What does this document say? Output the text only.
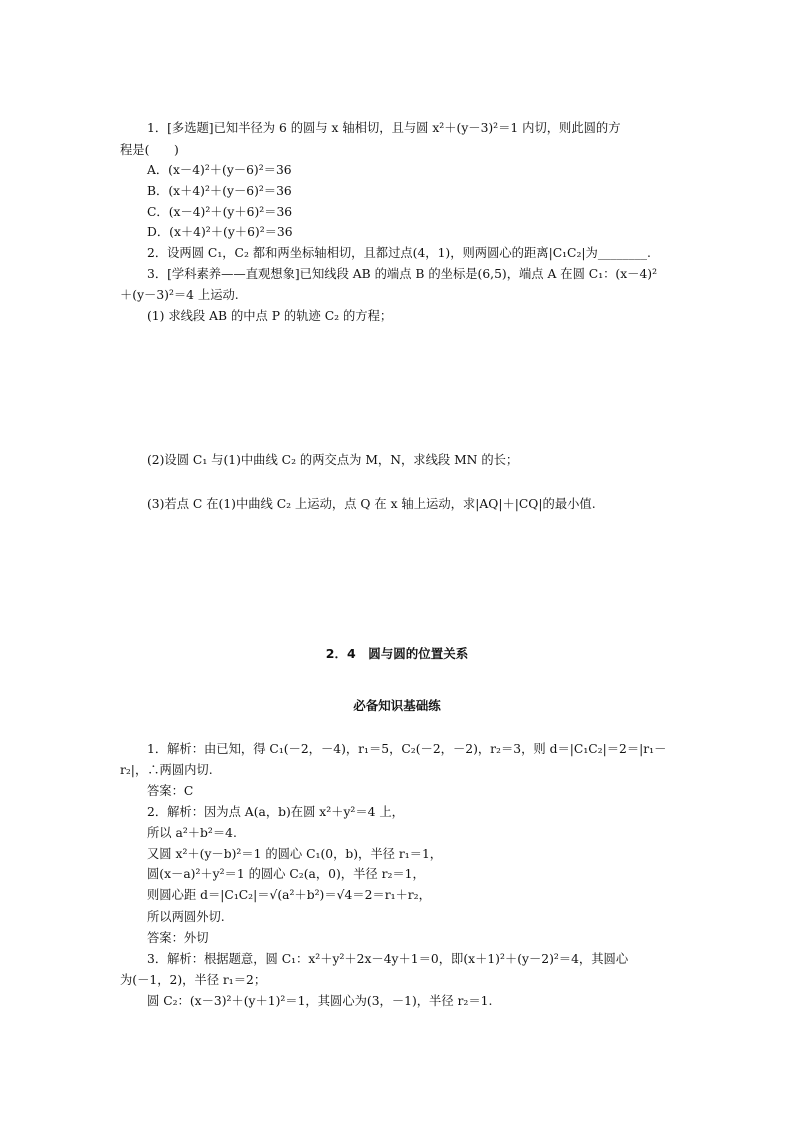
1．[多选题]已知半径为 6 的圆与 x 轴相切，且与圆 x²＋(y－3)²＝1 内切，则此圆的方
程是(　　)
A．(x－4)²＋(y－6)²＝36
B．(x＋4)²＋(y－6)²＝36
C．(x－4)²＋(y＋6)²＝36
D．(x＋4)²＋(y＋6)²＝36
2．设两圆 C₁，C₂ 都和两坐标轴相切，且都过点(4，1)，则两圆心的距离|C₁C₂|为________.
3．[学科素养——直观想象]已知线段 AB 的端点 B 的坐标是(6,5)，端点 A 在圆 C₁：(x－4)²
＋(y－3)²＝4 上运动.
(1) 求线段 AB 的中点 P 的轨迹 C₂ 的方程；
(2)设圆 C₁ 与(1)中曲线 C₂ 的两交点为 M，N，求线段 MN 的长；
(3)若点 C 在(1)中曲线 C₂ 上运动，点 Q 在 x 轴上运动，求|AQ|＋|CQ|的最小值.
2．4　圆与圆的位置关系
必备知识基础练
1．解析：由已知，得 C₁(－2，－4)，r₁＝5，C₂(－2，－2)，r₂＝3，则 d＝|C₁C₂|＝2＝|r₁－
r₂|，∴两圆内切.
答案：C
2．解析：因为点 A(a，b)在圆 x²＋y²＝4 上，
所以 a²＋b²＝4.
又圆 x²＋(y－b)²＝1 的圆心 C₁(0，b)，半径 r₁＝1，
圆(x－a)²＋y²＝1 的圆心 C₂(a，0)，半径 r₂＝1，
则圆心距 d＝|C₁C₂|＝√(a²＋b²)＝√4＝2＝r₁＋r₂，
所以两圆外切.
答案：外切
3．解析：根据题意，圆 C₁：x²＋y²＋2x－4y＋1＝0，即(x＋1)²＋(y－2)²＝4，其圆心
为(－1，2)，半径 r₁＝2；
圆 C₂：(x－3)²＋(y＋1)²＝1，其圆心为(3，－1)，半径 r₂＝1.
